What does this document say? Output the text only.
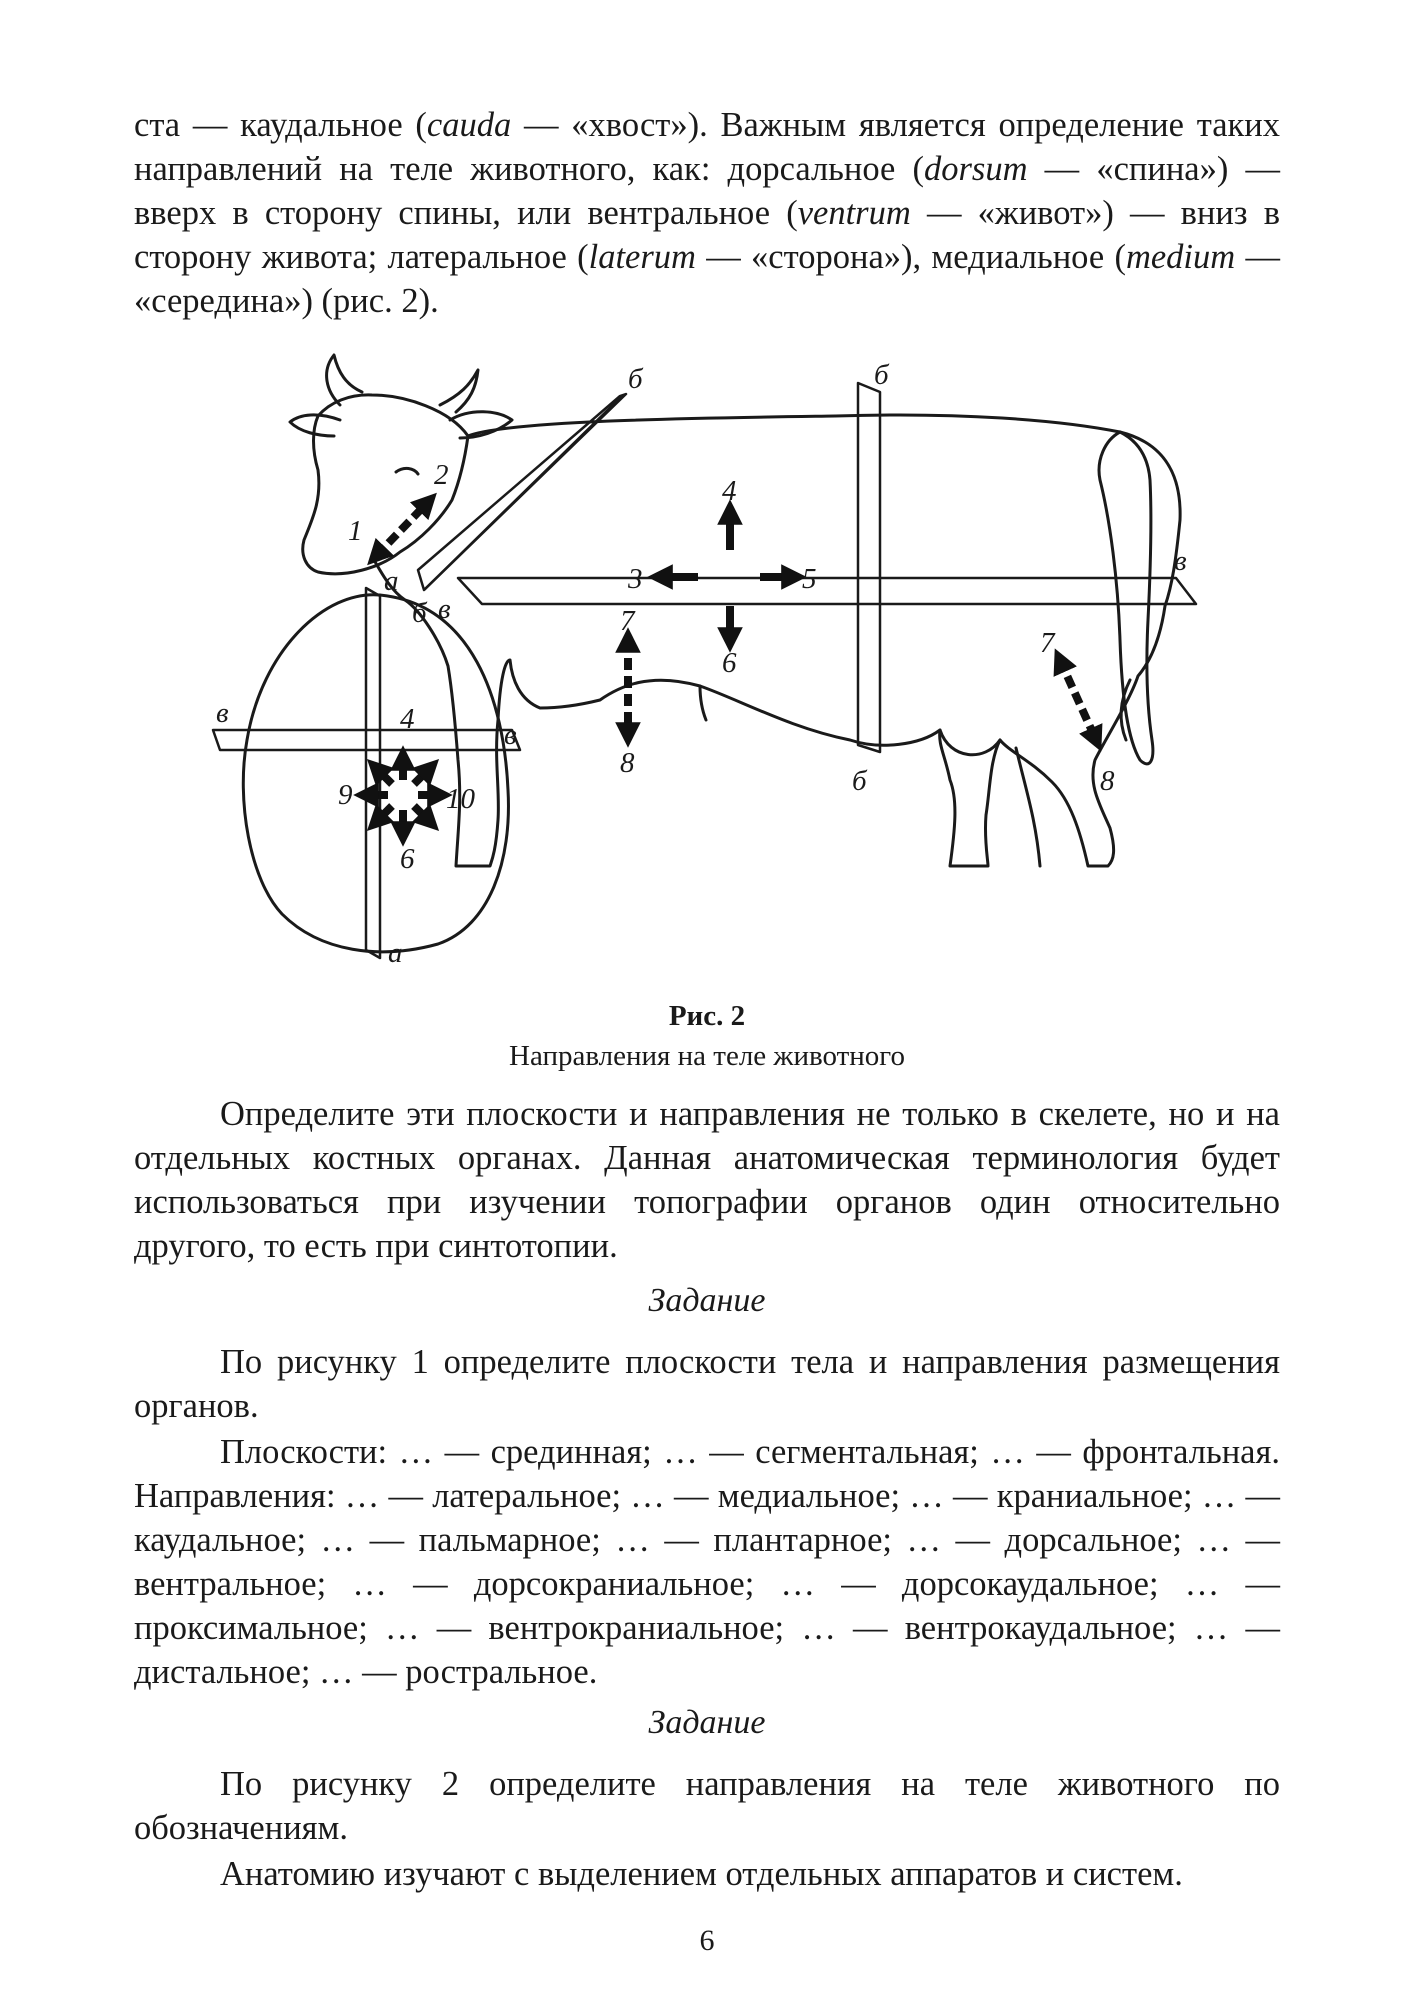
ста — каудальное (cauda — «хвост»). Важным является определение таких направлений на теле животного, как: дорсальное (dorsum — «спина») — вверх в сторону спины, или вентральное (ventrum — «живот») — вниз в сторону живота; латеральное (laterum — «сторона»), медиальное (medium — «середина») (рис. 2).

1
2
3
4
5
6
7
8
7
8
4
6
9	10
а
а
б
б
б
б
в
в
в
в
Рис. 2
Направления на теле животного

Определите эти плоскости и направления не только в скелете, но и на отдельных костных органах. Данная анатомическая терминология будет использоваться при изучении топографии органов один относительно другого, то есть при синтотопии.

Задание

По рисунку 1 определите плоскости тела и направления размещения органов.

Плоскости: … — срединная; … — сегментальная; … — фронтальная. Направления: … — латеральное; … — медиальное; … — краниальное; … — каудальное; … — пальмарное; … — плантарное; … — дорсальное; … — вентральное; … — дорсокраниальное; … — дорсокаудальное; … — проксимальное; … — вентрокраниальное; … — вентрокаудальное; … — дистальное; … — ростральное.

Задание

По рисунку 2 определите направления на теле животного по обозначениям.

Анатомию изучают с выделением отдельных аппаратов и систем.

6
